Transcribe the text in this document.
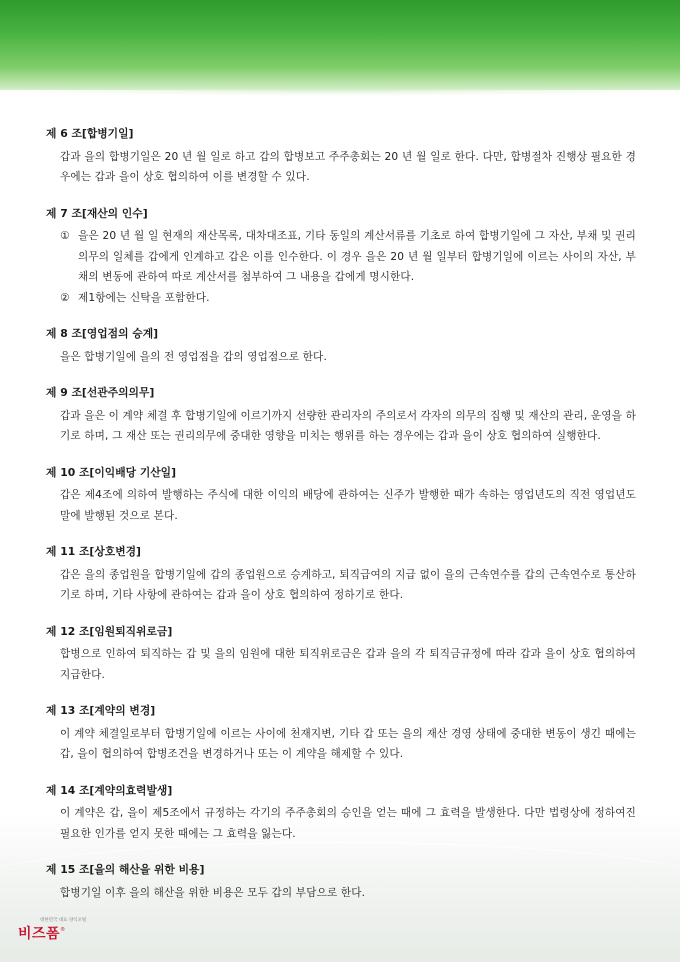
제 6 조[합병기일]
갑과 을의 합병기일은 20 년 월 일로 하고 갑의 합병보고 주주총회는 20 년 월 일로 한다. 다만, 합병절차 진행상 필요한 경우에는 갑과 을이 상호 협의하여 이를 변경할 수 있다.
제 7 조[재산의 인수]
① 을은 20 년 월 일 현재의 재산목록, 대차대조표, 기타 동일의 계산서류를 기초로 하여 합병기일에 그 자산, 부채 및 권리의무의 일체를 갑에게 인계하고 갑은 이를 인수한다. 이 경우 을은 20 년 월 일부터 합병기일에 이르는 사이의 자산, 부채의 변동에 관하여 따로 계산서를 첨부하여 그 내용을 갑에게 명시한다.
② 제1항에는 신탁을 포함한다.
제 8 조[영업점의 승계]
을은 합병기일에 을의 전 영업점을 갑의 영업점으로 한다.
제 9 조[선관주의의무]
갑과 을은 이 계약 체결 후 합병기일에 이르기까지 선량한 관리자의 주의로서 각자의 의무의 집행 및 재산의 관리, 운영을 하기로 하며, 그 재산 또는 권리의무에 중대한 영향을 미치는 행위를 하는 경우에는 갑과 을이 상호 협의하여 실행한다.
제 10 조[이익배당 기산일]
갑은 제4조에 의하여 발행하는 주식에 대한 이익의 배당에 관하여는 신주가 발행한 때가 속하는 영업년도의 직전 영업년도 말에 발행된 것으로 본다.
제 11 조[상호변경]
갑은 을의 종업원을 합병기일에 갑의 종업원으로 승계하고, 퇴직급여의 지급 없이 을의 근속연수를 갑의 근속연수로 통산하기로 하며, 기타 사항에 관하여는 갑과 을이 상호 협의하여 정하기로 한다.
제 12 조[임원퇴직위로금]
합병으로 인하여 퇴직하는 갑 및 을의 임원에 대한 퇴직위로금은 갑과 을의 각 퇴직금규정에 따라 갑과 을이 상호 협의하여 지급한다.
제 13 조[계약의 변경]
이 계약 체결일로부터 합병기일에 이르는 사이에 천재지변, 기타 갑 또는 을의 재산 경영 상태에 중대한 변동이 생긴 때에는 갑, 을이 협의하여 합병조건을 변경하거나 또는 이 계약을 해제할 수 있다.
제 14 조[계약의효력발생]
이 계약은 갑, 을이 제5조에서 규정하는 각기의 주주총회의 승인을 얻는 때에 그 효력을 발생한다. 다만 법령상에 정하여진 필요한 인가를 얻지 못한 때에는 그 효력을 잃는다.
제 15 조[을의 해산을 위한 비용]
합병기일 이후 을의 해산을 위한 비용은 모두 갑의 부담으로 한다.
대한민국 대표 양식포털
비즈폼 ®
